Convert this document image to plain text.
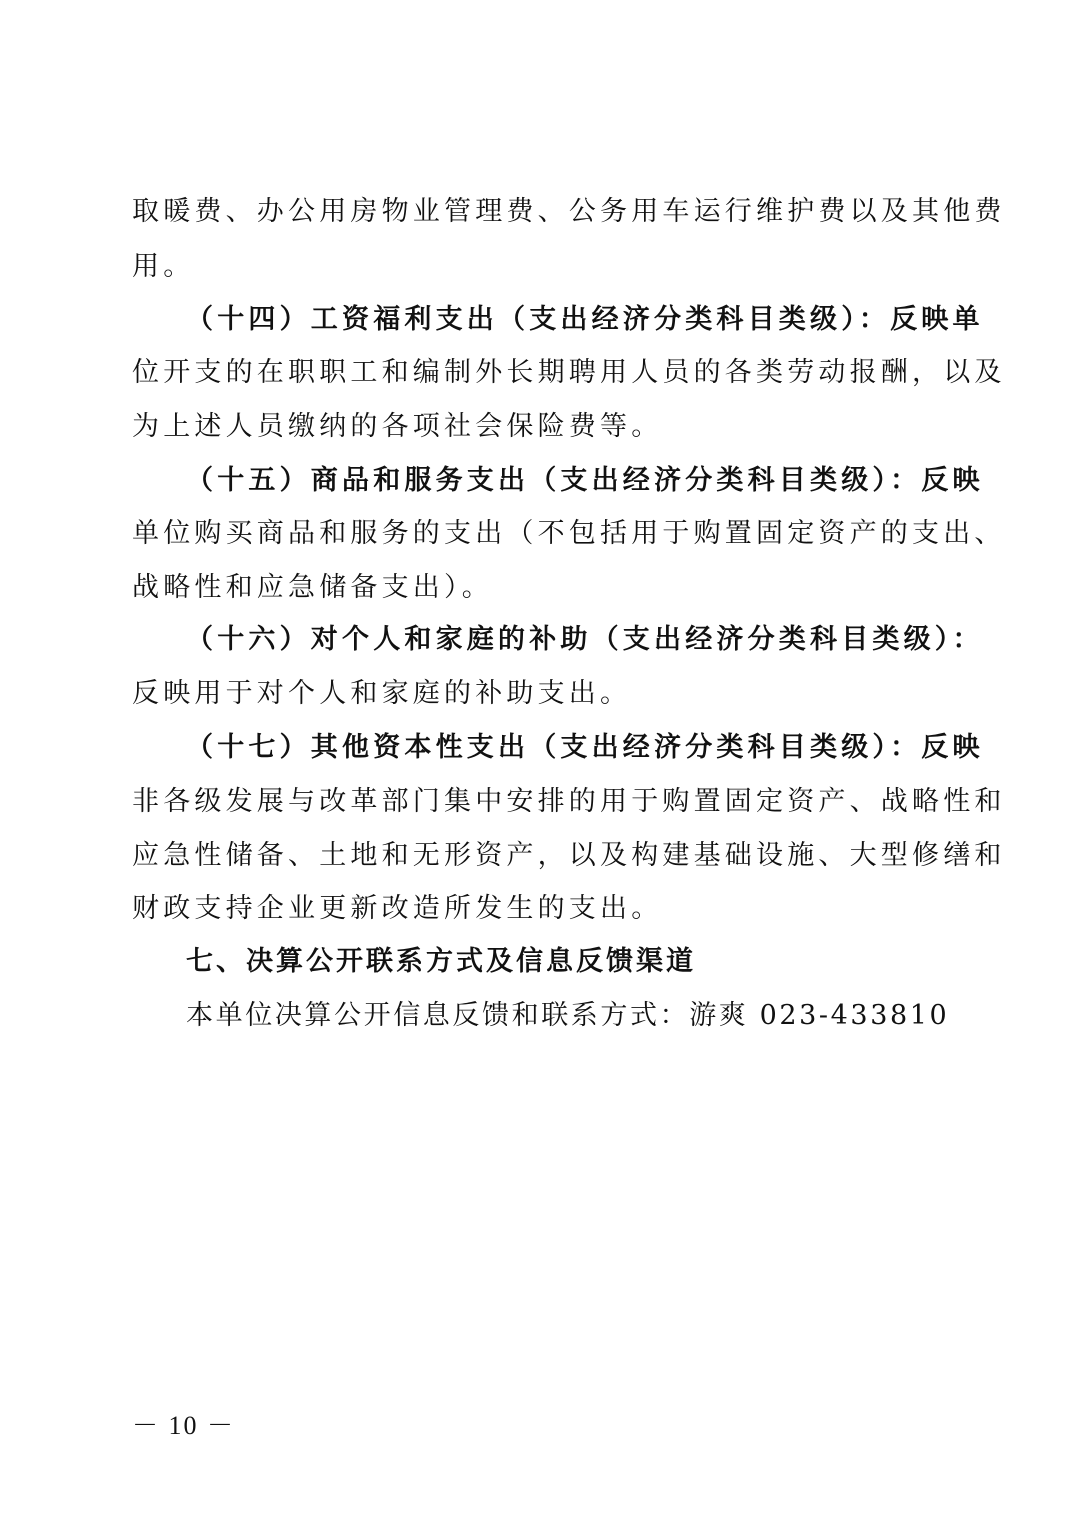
取暖费、办公用房物业管理费、公务用车运行维护费以及其他费
用。
（十四）工资福利支出（支出经济分类科目类级）：反映单
位开支的在职职工和编制外长期聘用人员的各类劳动报酬，以及
为上述人员缴纳的各项社会保险费等。
（十五）商品和服务支出（支出经济分类科目类级）：反映
单位购买商品和服务的支出（不包括用于购置固定资产的支出、
战略性和应急储备支出）。
（十六）对个人和家庭的补助（支出经济分类科目类级）：
反映用于对个人和家庭的补助支出。
（十七）其他资本性支出（支出经济分类科目类级）：反映
非各级发展与改革部门集中安排的用于购置固定资产、战略性和
应急性储备、土地和无形资产，以及构建基础设施、大型修缮和
财政支持企业更新改造所发生的支出。
七、决算公开联系方式及信息反馈渠道
本单位决算公开信息反馈和联系方式：游爽 023-433810
－ 10 －
